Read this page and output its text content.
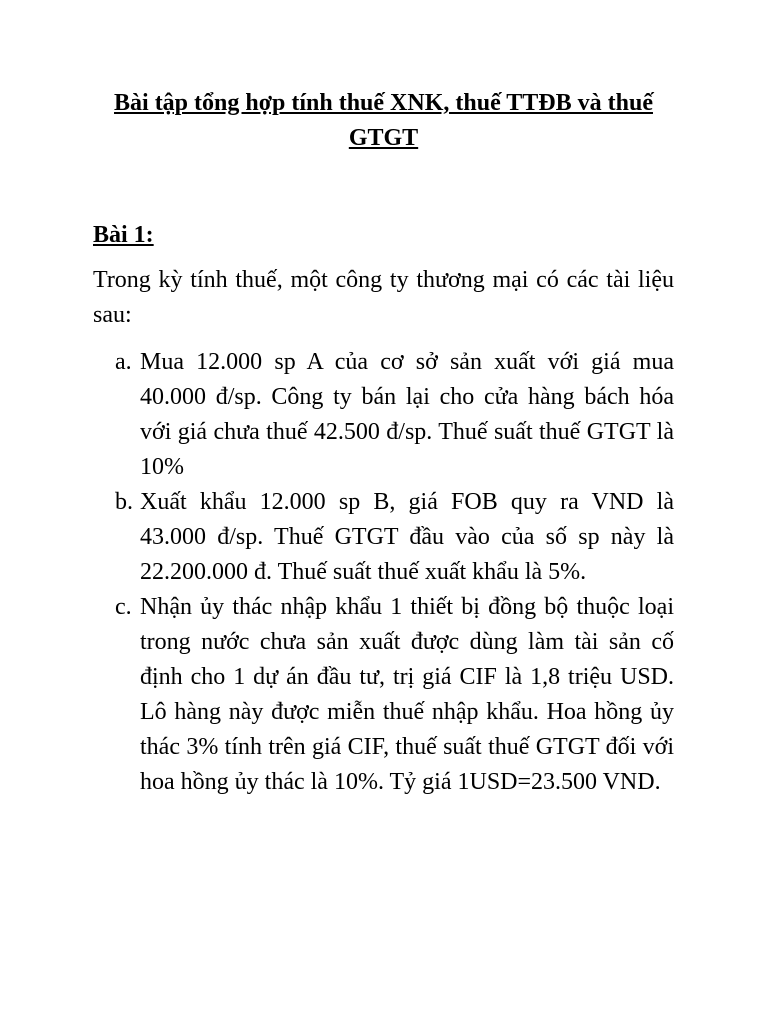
Bài tập tổng hợp tính thuế XNK, thuế TTĐB và thuế GTGT
Bài 1:

Trong kỳ tính thuế, một công ty thương mại có các tài liệu sau:

a. Mua 12.000 sp A của cơ sở sản xuất với giá mua 40.000 đ/sp. Công ty bán lại cho cửa hàng bách hóa với giá chưa thuế 42.500 đ/sp. Thuế suất thuế GTGT là 10%
b. Xuất khẩu 12.000 sp B, giá FOB quy ra VND là 43.000 đ/sp. Thuế GTGT đầu vào của số sp này là 22.200.000 đ. Thuế suất thuế xuất khẩu là 5%.
c. Nhận ủy thác nhập khẩu 1 thiết bị đồng bộ thuộc loại trong nước chưa sản xuất được dùng làm tài sản cố định cho 1 dự án đầu tư, trị giá CIF là 1,8 triệu USD. Lô hàng này được miễn thuế nhập khẩu. Hoa hồng ủy thác 3% tính trên giá CIF, thuế suất thuế GTGT đối với hoa hồng ủy thác là 10%. Tỷ giá 1USD=23.500 VND.
